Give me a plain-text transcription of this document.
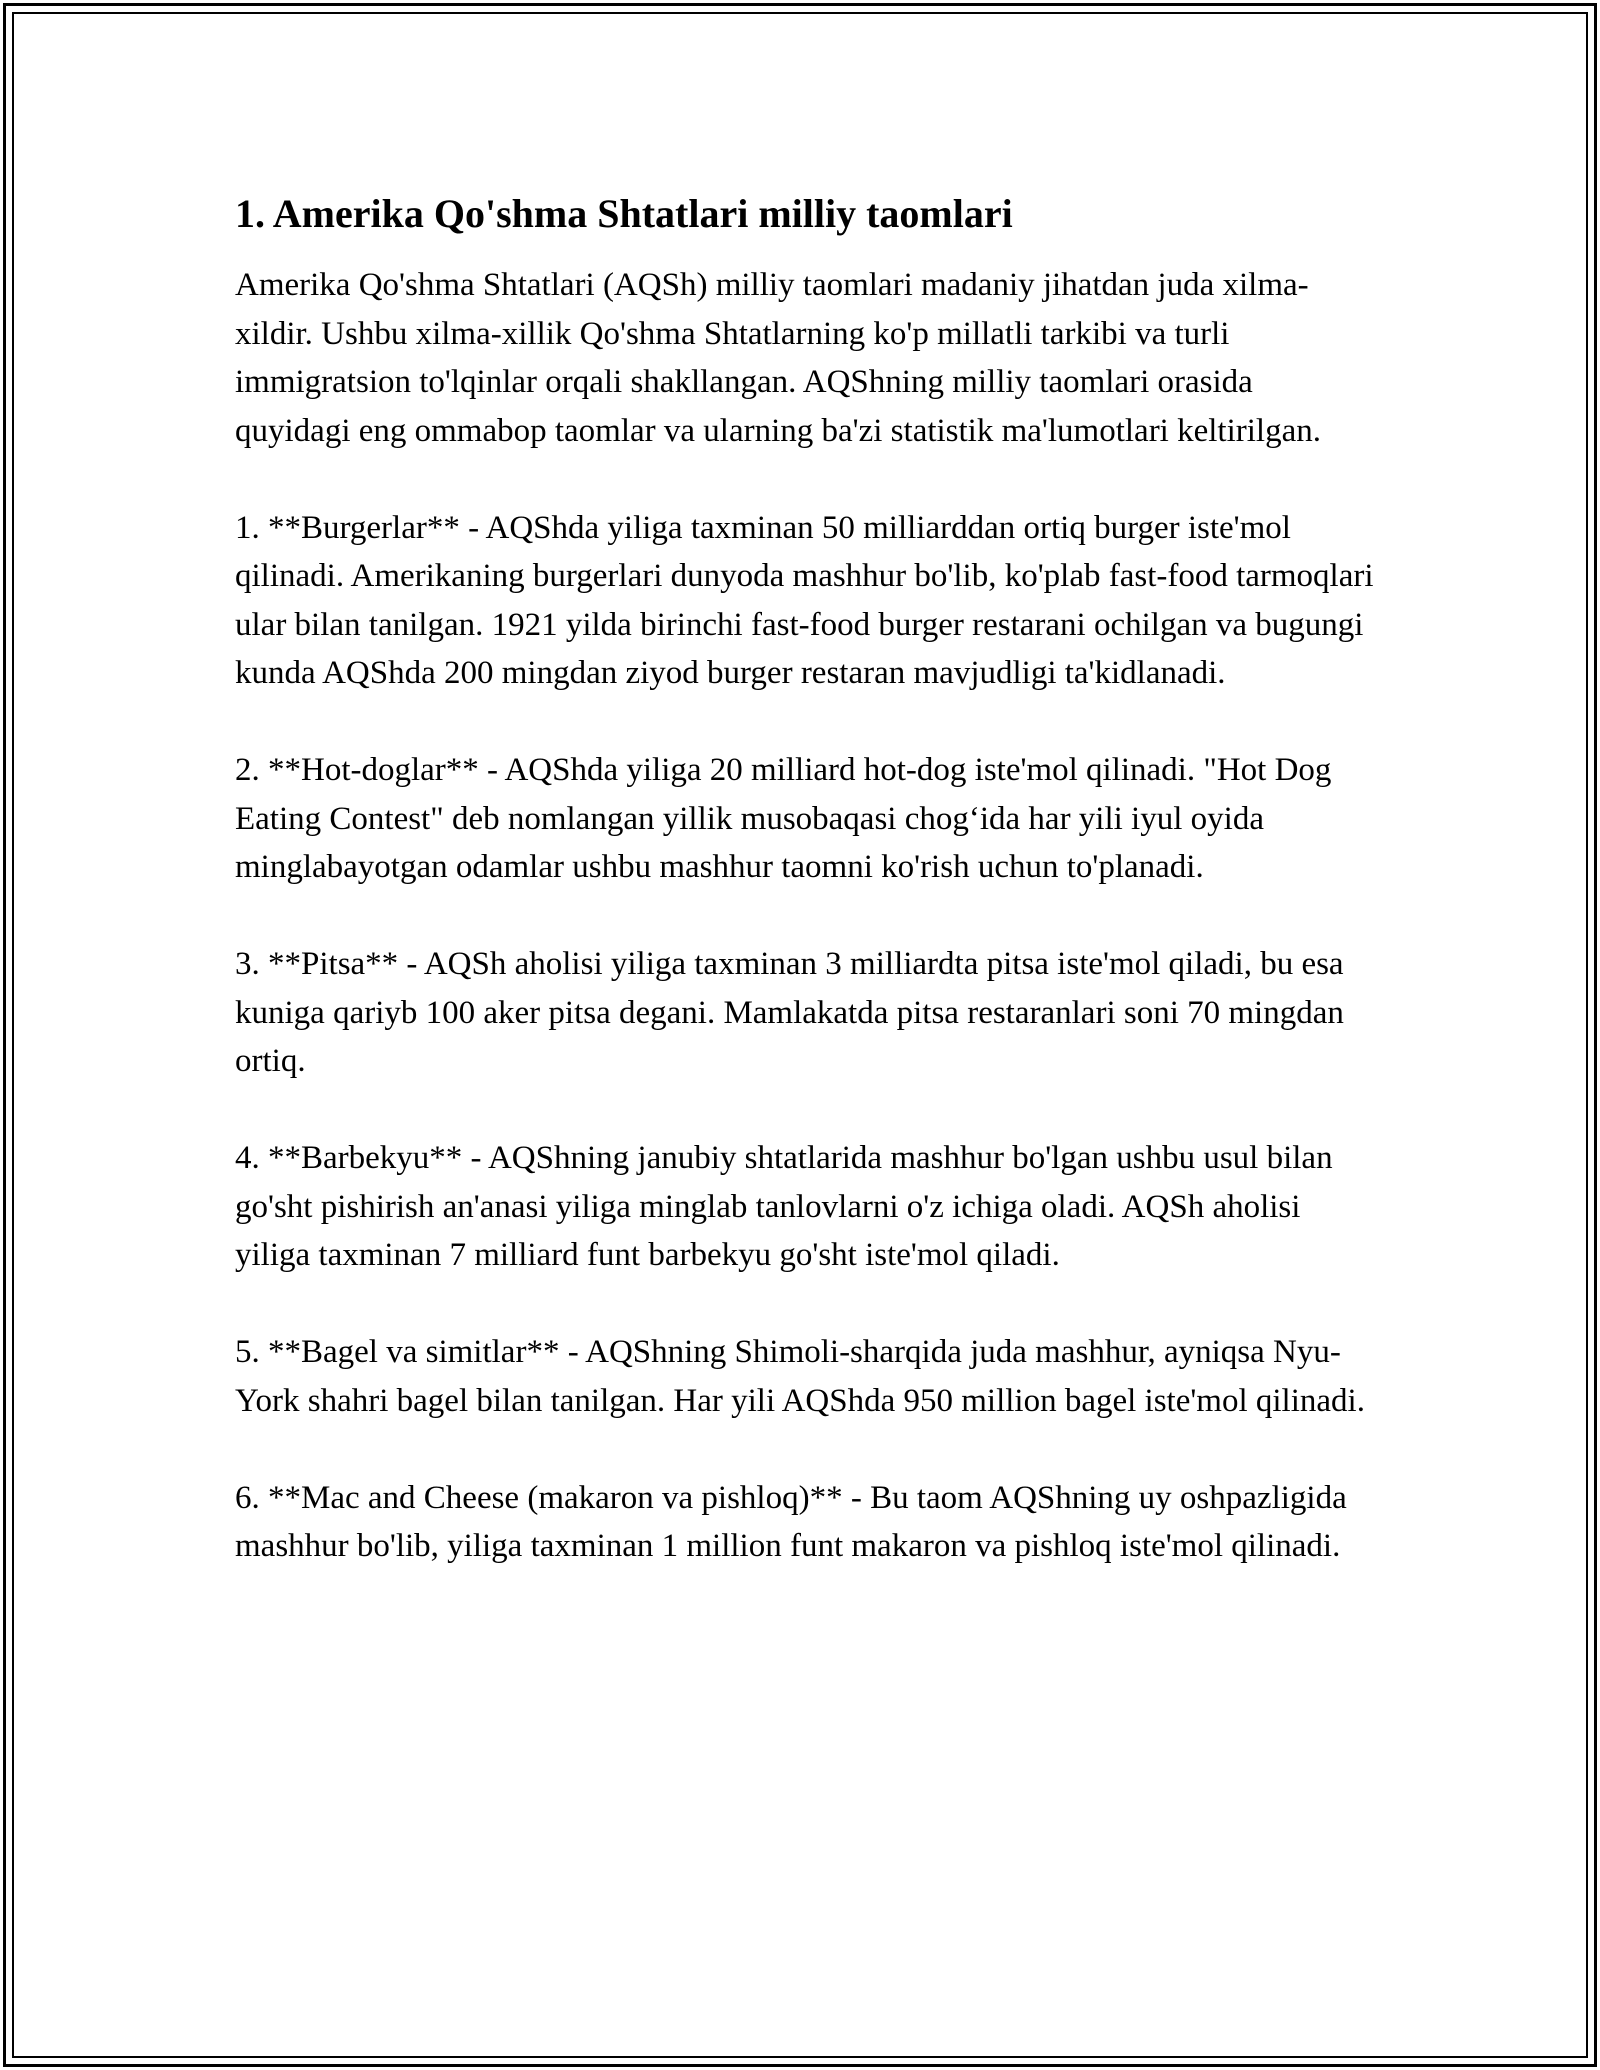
1. Amerika Qo'shma Shtatlari milliy taomlari

Amerika Qo'shma Shtatlari (AQSh) milliy taomlari madaniy jihatdan juda xilma-xildir. Ushbu xilma-xillik Qo'shma Shtatlarning ko'p millatli tarkibi va turli immigratsion to'lqinlar orqali shakllangan. AQShning milliy taomlari orasida quyidagi eng ommabop taomlar va ularning ba'zi statistik ma'lumotlari keltirilgan.

1. **Burgerlar** - AQShda yiliga taxminan 50 milliarddan ortiq burger iste'mol qilinadi. Amerikaning burgerlari dunyoda mashhur bo'lib, ko'plab fast-food tarmoqlari ular bilan tanilgan. 1921 yilda birinchi fast-food burger restarani ochilgan va bugungi kunda AQShda 200 mingdan ziyod burger restaran mavjudligi ta'kidlanadi.

2. **Hot-doglar** - AQShda yiliga 20 milliard hot-dog iste'mol qilinadi. "Hot Dog Eating Contest" deb nomlangan yillik musobaqasi chog‘ida har yili iyul oyida minglabayotgan odamlar ushbu mashhur taomni ko'rish uchun to'planadi.

3. **Pitsa** - AQSh aholisi yiliga taxminan 3 milliardta pitsa iste'mol qiladi, bu esa kuniga qariyb 100 aker pitsa degani. Mamlakatda pitsa restaranlari soni 70 mingdan ortiq.

4. **Barbekyu** - AQShning janubiy shtatlarida mashhur bo'lgan ushbu usul bilan go'sht pishirish an'anasi yiliga minglab tanlovlarni o'z ichiga oladi. AQSh aholisi yiliga taxminan 7 milliard funt barbekyu go'sht iste'mol qiladi.

5. **Bagel va simitlar** - AQShning Shimoli-sharqida juda mashhur, ayniqsa Nyu-York shahri bagel bilan tanilgan. Har yili AQShda 950 million bagel iste'mol qilinadi.

6. **Mac and Cheese (makaron va pishloq)** - Bu taom AQShning uy oshpazligida mashhur bo'lib, yiliga taxminan 1 million funt makaron va pishloq iste'mol qilinadi.
